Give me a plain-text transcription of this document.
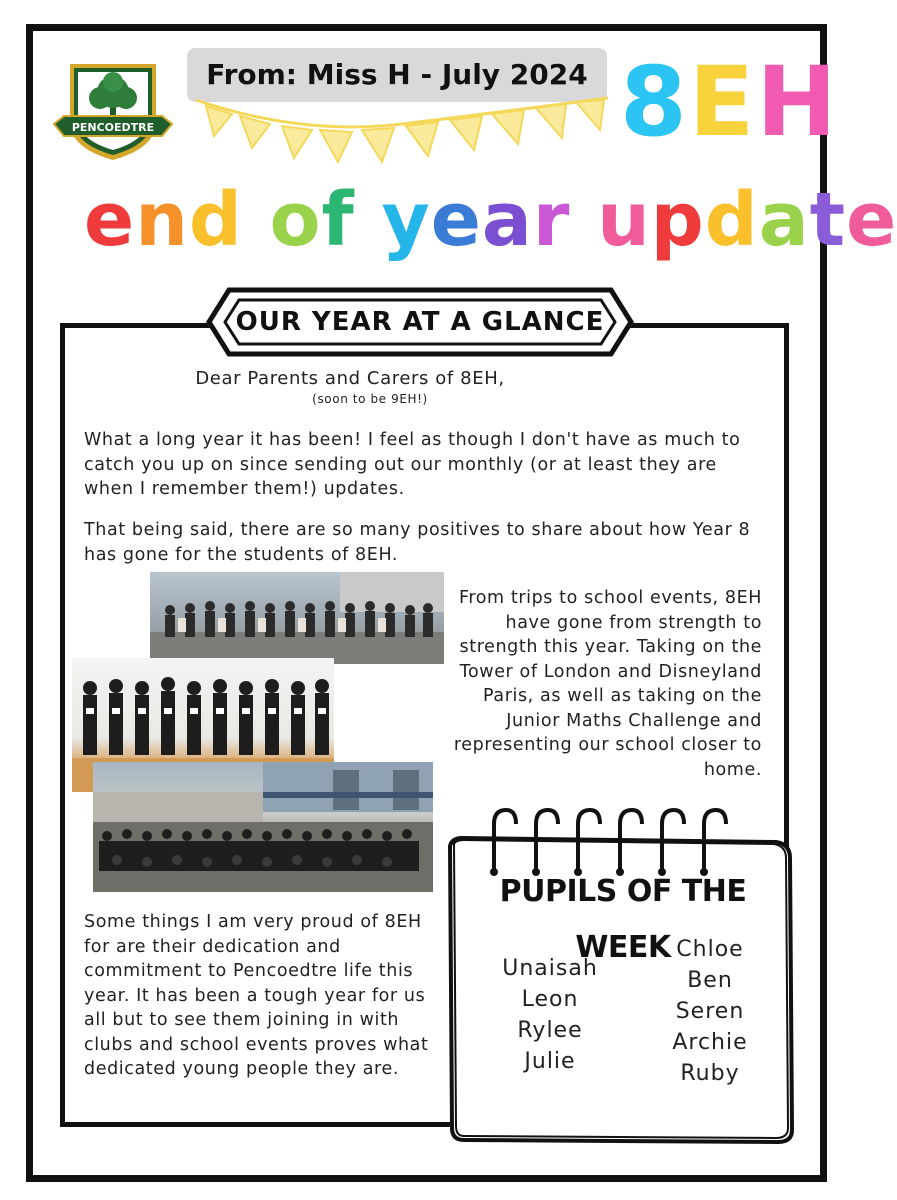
PENCOEDTRE
From: Miss H - July 2024 8EH
end of year update
OUR YEAR AT A GLANCE
Dear Parents and Carers of 8EH,
(soon to be 9EH!)
What a long year it has been! I feel as though I don't have as much to catch you up on since sending out our monthly (or at least they are when I remember them!) updates.
That being said, there are so many positives to share about how Year 8 has gone for the students of 8EH.
From trips to school events, 8EH have gone from strength to strength this year. Taking on the Tower of London and Disneyland Paris, as well as taking on the Junior Maths Challenge and representing our school closer to home.
Some things I am very proud of 8EH for are their dedication and commitment to Pencoedtre life this year. It has been a tough year for us all but to see them joining in with clubs and school events proves what dedicated young people they are.
PUPILS OF THE WEEK
Unaisah
Leon
Rylee
Julie
Chloe
Ben
Seren
Archie
Ruby
